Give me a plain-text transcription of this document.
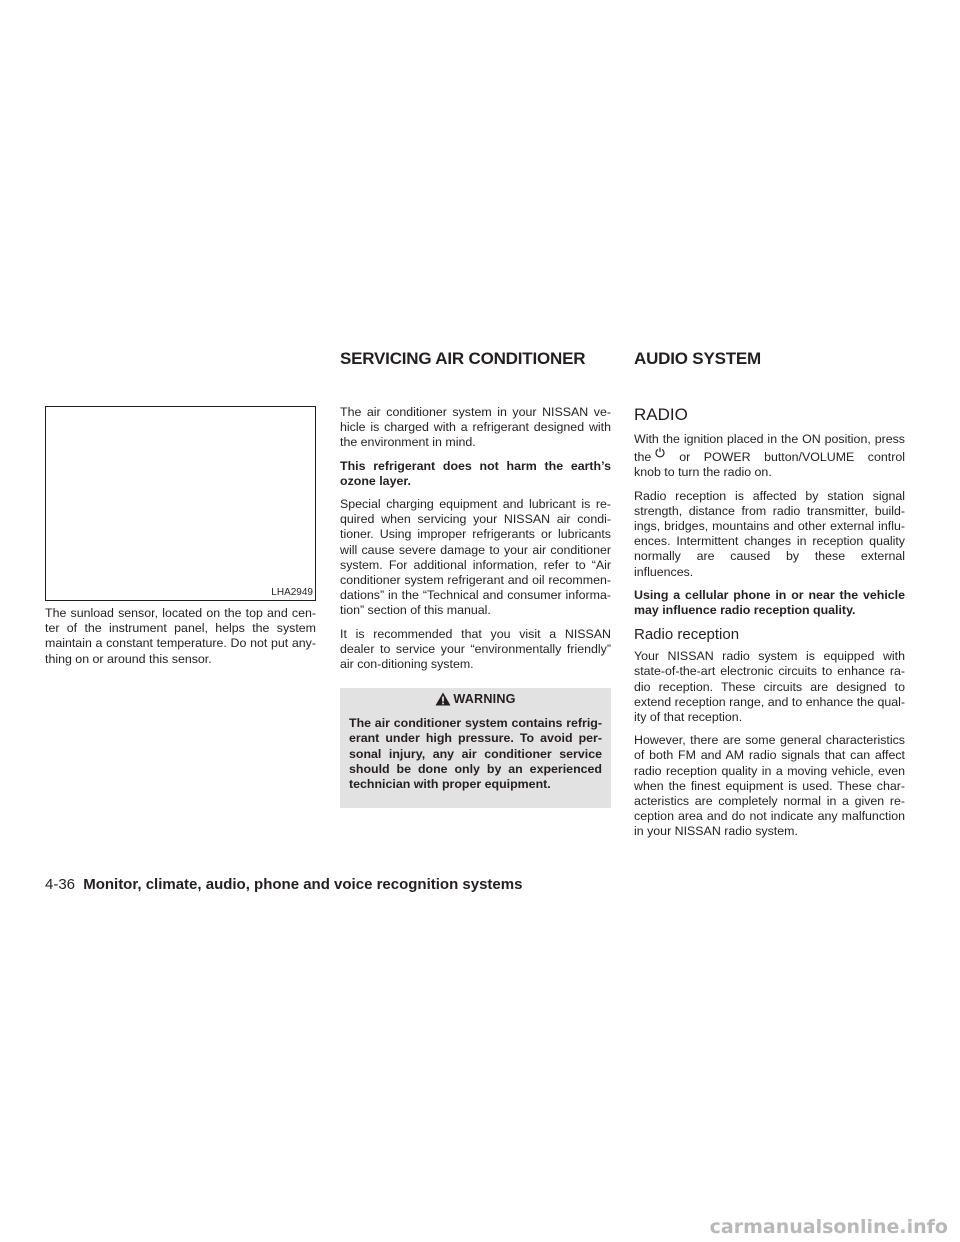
SERVICING AIR CONDITIONER	AUDIO SYSTEM
LHA2949

The sunload sensor, located on the top and cen-ter of the instrument panel, helps the system maintain a constant temperature. Do not put any-thing on or around this sensor.

The air conditioner system in your NISSAN ve-hicle is charged with a refrigerant designed with the environment in mind.

This refrigerant does not harm the earth’s ozone layer.

Special charging equipment and lubricant is re-quired when servicing your NISSAN air condi-tioner. Using improper refrigerants or lubricants will cause severe damage to your air conditioner system. For additional information, refer to “Air conditioner system refrigerant and oil recommen-dations” in the “Technical and consumer informa-tion” section of this manual.

It is recommended that you visit a NISSAN dealer to service your “environmentally friendly” air con-ditioning system.

WARNING

The air conditioner system contains refrig-erant under high pressure. To avoid per-sonal injury, any air conditioner service should be done only by an experienced technician with proper equipment.

RADIO

With the ignition placed in the ON position, press the or POWER button/VOLUME control knob to turn the radio on.

Radio reception is affected by station signal strength, distance from radio transmitter, build-ings, bridges, mountains and other external influ-ences. Intermittent changes in reception quality normally are caused by these external influences.

Using a cellular phone in or near the vehicle may influence radio reception quality.

Radio reception

Your NISSAN radio system is equipped with state-of-the-art electronic circuits to enhance ra-dio reception. These circuits are designed to extend reception range, and to enhance the qual-ity of that reception.

However, there are some general characteristics of both FM and AM radio signals that can affect radio reception quality in a moving vehicle, even when the finest equipment is used. These char-acteristics are completely normal in a given re-ception area and do not indicate any malfunction in your NISSAN radio system.

4-36 Monitor, climate, audio, phone and voice recognition systems
carmanualsonline.info
